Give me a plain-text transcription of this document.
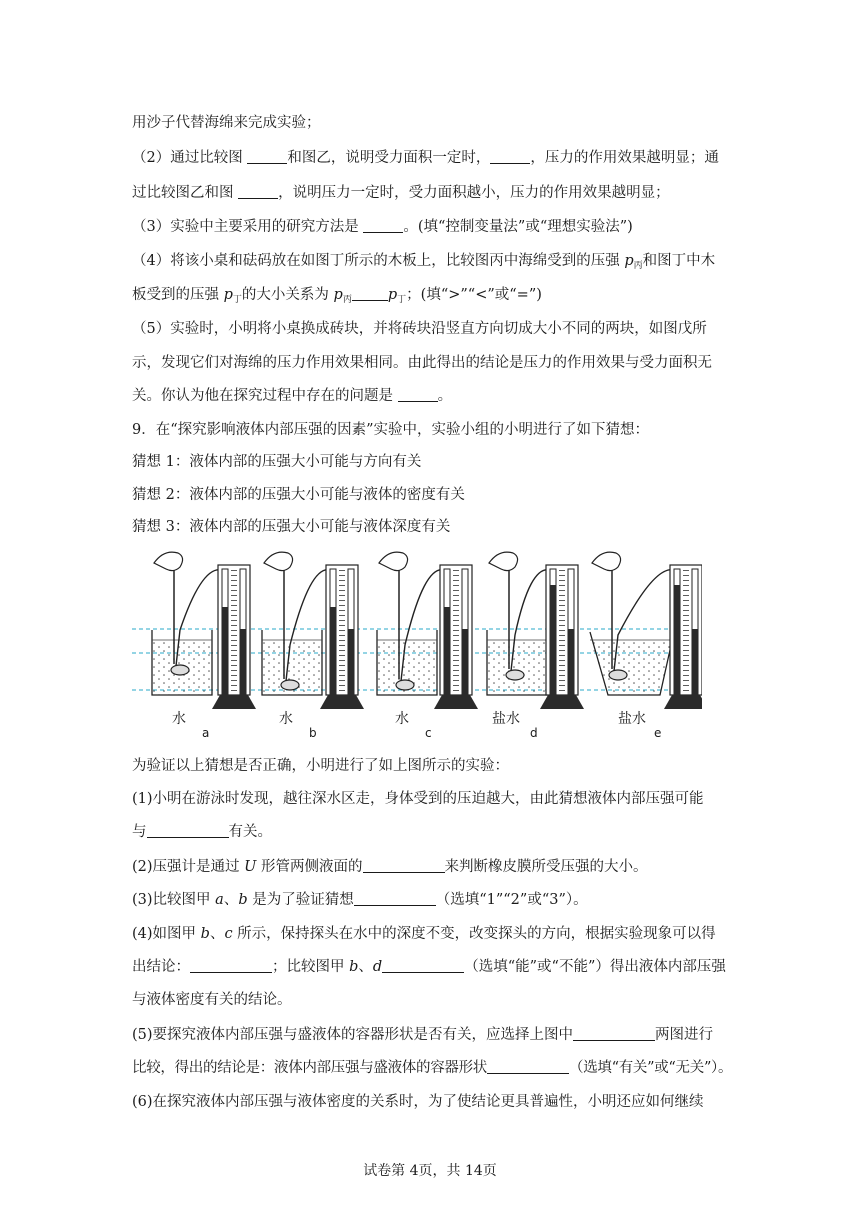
用沙子代替海绵来完成实验；
（2）通过比较图	和图乙，说明受力面积一定时，	，压力的作用效果越明显；通
过比较图乙和图	，说明压力一定时，受力面积越小，压力的作用效果越明显；
（3）实验中主要采用的研究方法是	。(填“控制变量法”或“理想实验法”)
（4）将该小桌和砝码放在如图丁所示的木板上，比较图丙中海绵受到的压强 $p_丙$和图丁中木
板受到的压强 $p_丁$的大小关系为 $p_丙$ $p_丁$；(填“>”“<”或“=”)
（5）实验时，小明将小桌换成砖块，并将砖块沿竖直方向切成大小不同的两块，如图戊所
示，发现它们对海绵的压力作用效果相同。由此得出的结论是压力的作用效果与受力面积无
关。你认为他在探究过程中存在的问题是	。
9．在“探究影响液体内部压强的因素”实验中，实验小组的小明进行了如下猜想：
猜想 1：液体内部的压强大小可能与方向有关
猜想 2：液体内部的压强大小可能与液体的密度有关
猜想 3：液体内部的压强大小可能与液体深度有关
水
a
水
b
水
c
盐水
d
盐水
e
为验证以上猜想是否正确，小明进行了如上图所示的实验：
(1)小明在游泳时发现，越往深水区走，身体受到的压迫越大，由此猜想液体内部压强可能
与	有关。
(2)压强计是通过 U 形管两侧液面的	来判断橡皮膜所受压强的大小。
(3)比较图甲 a、b 是为了验证猜想	（选填“1”“2”或“3”）。
(4)如图甲 b、c 所示，保持探头在水中的深度不变，改变探头的方向，根据实验现象可以得
出结论：	；比较图甲 b、d	（选填“能”或“不能”）得出液体内部压强
与液体密度有关的结论。
(5)要探究液体内部压强与盛液体的容器形状是否有关，应选择上图中	两图进行
比较，得出的结论是：液体内部压强与盛液体的容器形状	（选填“有关”或“无关”）。
(6)在探究液体内部压强与液体密度的关系时，为了使结论更具普遍性，小明还应如何继续
试卷第 4页，共 14页
